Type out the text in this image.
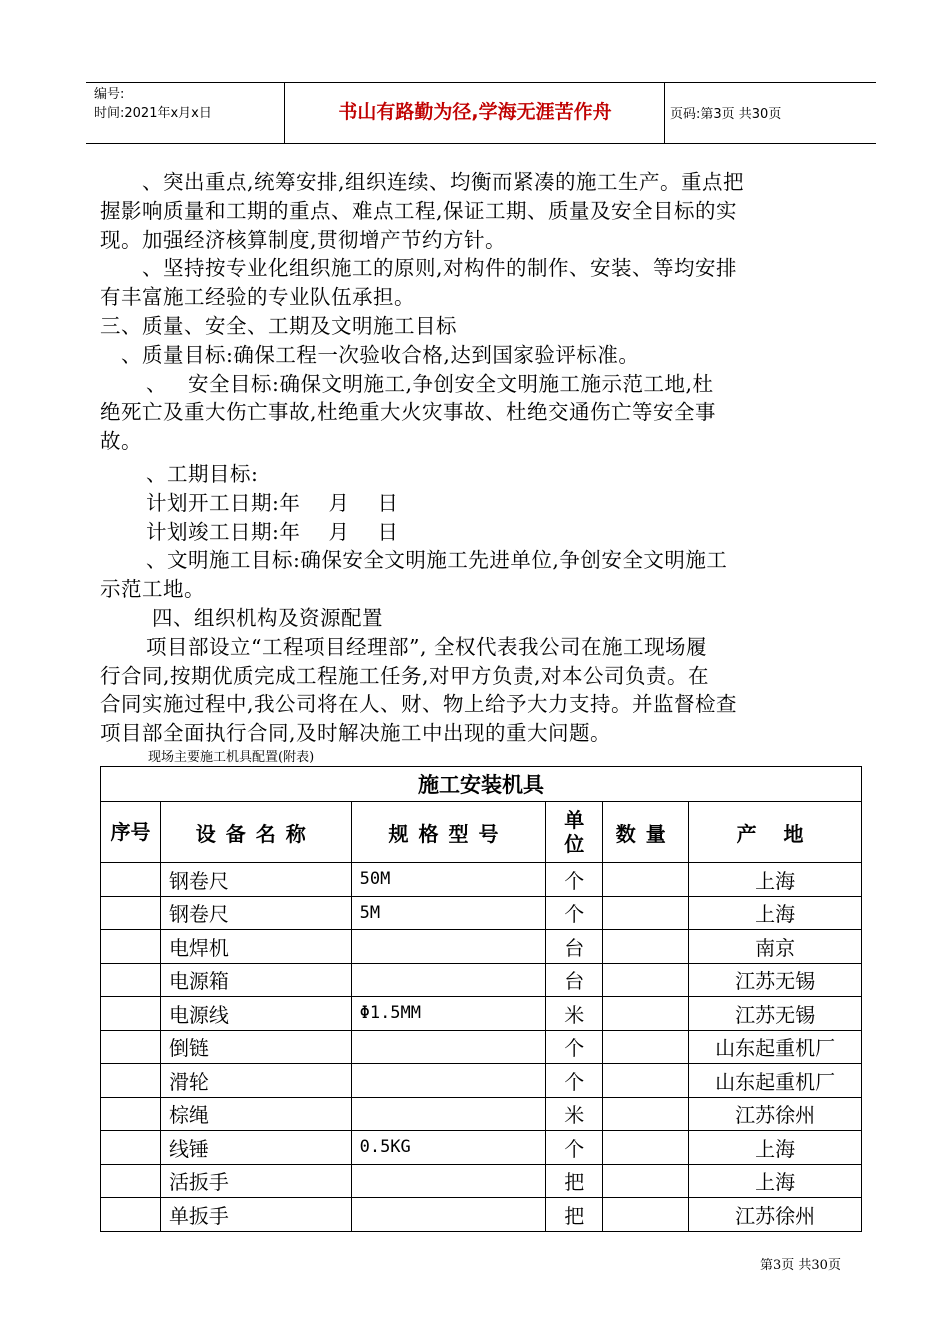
编号:
时间:2021年x月x日	书山有路勤为径,学海无涯苦作舟	页码:第3页 共30页

、突出重点,统筹安排,组织连续、均衡而紧凑的施工生产。重点把

握影响质量和工期的重点、难点工程,保证工期、质量及安全目标的实

现。加强经济核算制度,贯彻增产节约方针。

、坚持按专业化组织施工的原则,对构件的制作、安装、等均安排

有丰富施工经验的专业队伍承担。

三、质量、安全、工期及文明施工目标

、质量目标:确保工程一次验收合格,达到国家验评标准。

、   安全目标:确保文明施工,争创安全文明施工施示范工地,杜

绝死亡及重大伤亡事故,杜绝重大火灾事故、杜绝交通伤亡等安全事

故。

、工期目标:

计划开工日期:年    月    日

计划竣工日期:年    月    日

、文明施工目标:确保安全文明施工先进单位,争创安全文明施工

示范工地。

四、组织机构及资源配置

项目部设立“工程项目经理部”, 全权代表我公司在施工现场履

行合同,按期优质完成工程施工任务,对甲方负责,对本公司负责。在

合同实施过程中,我公司将在人、财、物上给予大力支持。并监督检查

项目部全面执行合同,及时解决施工中出现的重大问题。

现场主要施工机具配置(附表)
施工安装机具					
序号	设备名称	规格型号	单位	数量	产 地
	钢卷尺	50M	个		上海
	钢卷尺	5M	个		上海
	电焊机		台		南京
	电源箱		台		江苏无锡
	电源线	Φ1.5MM	米		江苏无锡
	倒链		个		山东起重机厂
	滑轮		个		山东起重机厂
	棕绳		米		江苏徐州
	线锤	0.5KG	个		上海
	活扳手		把		上海
	单扳手		把		江苏徐州
第3页 共30页
